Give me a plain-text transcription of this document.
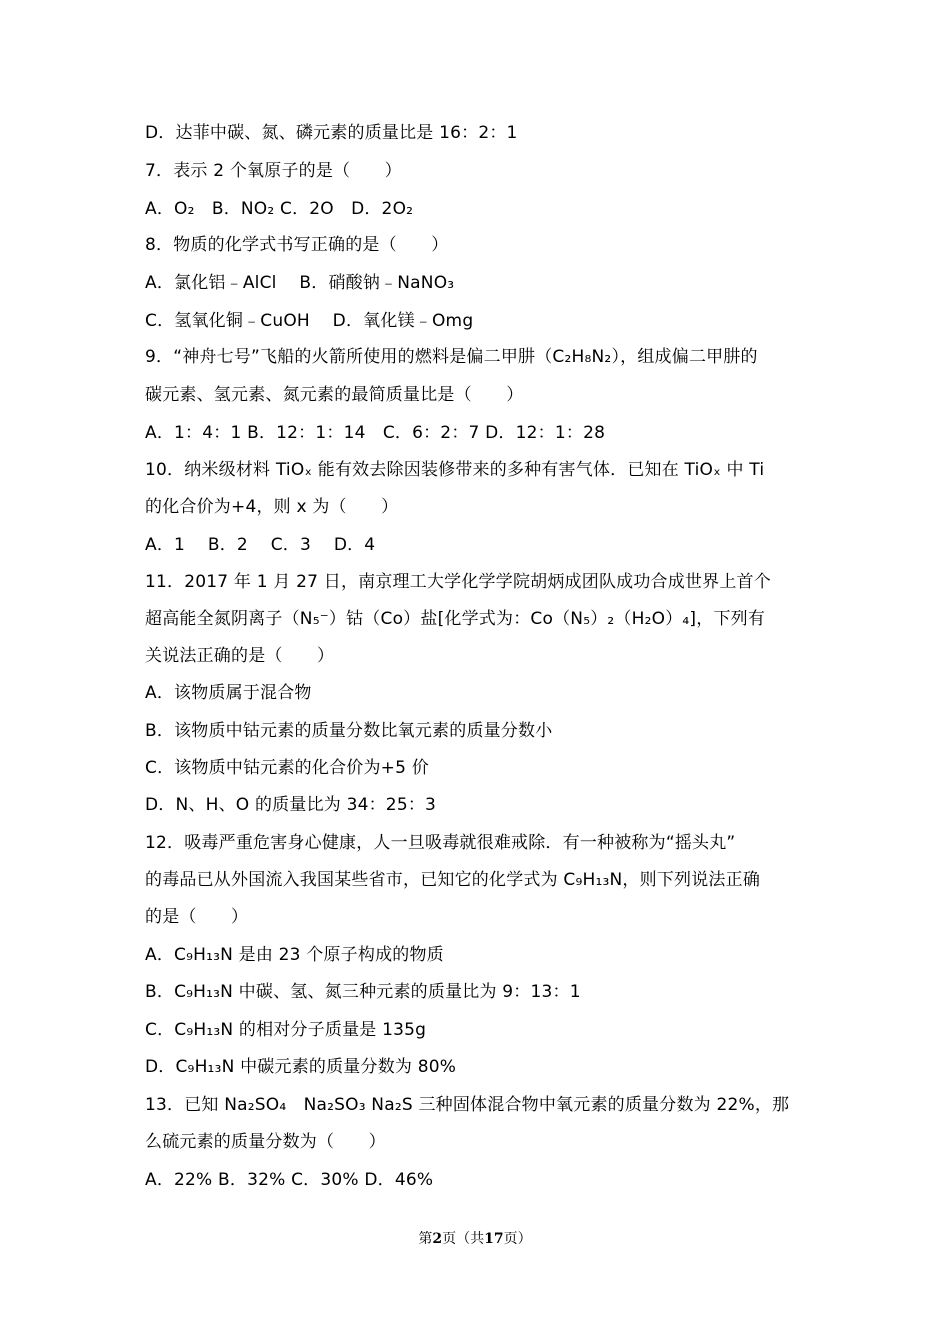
D．达菲中碳、氮、磷元素的质量比是 16：2：1
7．表示 2 个氧原子的是（　　）
A．O₂　B．NO₂ C．2O　D．2O₂
8．物质的化学式书写正确的是（　　）
A．氯化铝﹣AlCl　 B．硝酸钠﹣NaNO₃
C．氢氧化铜﹣CuOH　 D．氧化镁﹣Omg
9．“神舟七号”飞船的火箭所使用的燃料是偏二甲肼（C₂H₈N₂），组成偏二甲肼的
碳元素、氢元素、氮元素的最简质量比是（　　）
A．1：4：1 B．12：1：14　C．6：2：7 D．12：1：28
10．纳米级材料 TiOₓ 能有效去除因装修带来的多种有害气体．已知在 TiOₓ 中 Ti
的化合价为+4，则 x 为（　　）
A．1　 B．2　 C．3　 D．4
11．2017 年 1 月 27 日，南京理工大学化学学院胡炳成团队成功合成世界上首个
超高能全氮阴离子（N₅⁻）钴（Co）盐[化学式为：Co（N₅）₂（H₂O）₄]，下列有
关说法正确的是（　　）
A．该物质属于混合物
B．该物质中钴元素的质量分数比氧元素的质量分数小
C．该物质中钴元素的化合价为+5 价
D．N、H、O 的质量比为 34：25：3
12．吸毒严重危害身心健康，人一旦吸毒就很难戒除．有一种被称为“摇头丸”
的毒品已从外国流入我国某些省市，已知它的化学式为 C₉H₁₃N，则下列说法正确
的是（　　）
A．C₉H₁₃N 是由 23 个原子构成的物质
B．C₉H₁₃N 中碳、氢、氮三种元素的质量比为 9：13：1
C．C₉H₁₃N 的相对分子质量是 135g
D．C₉H₁₃N 中碳元素的质量分数为 80%
13．已知 Na₂SO₄　Na₂SO₃ Na₂S 三种固体混合物中氧元素的质量分数为 22%，那
么硫元素的质量分数为（　　）
A．22% B．32% C．30% D．46%
第2页（共17页）
